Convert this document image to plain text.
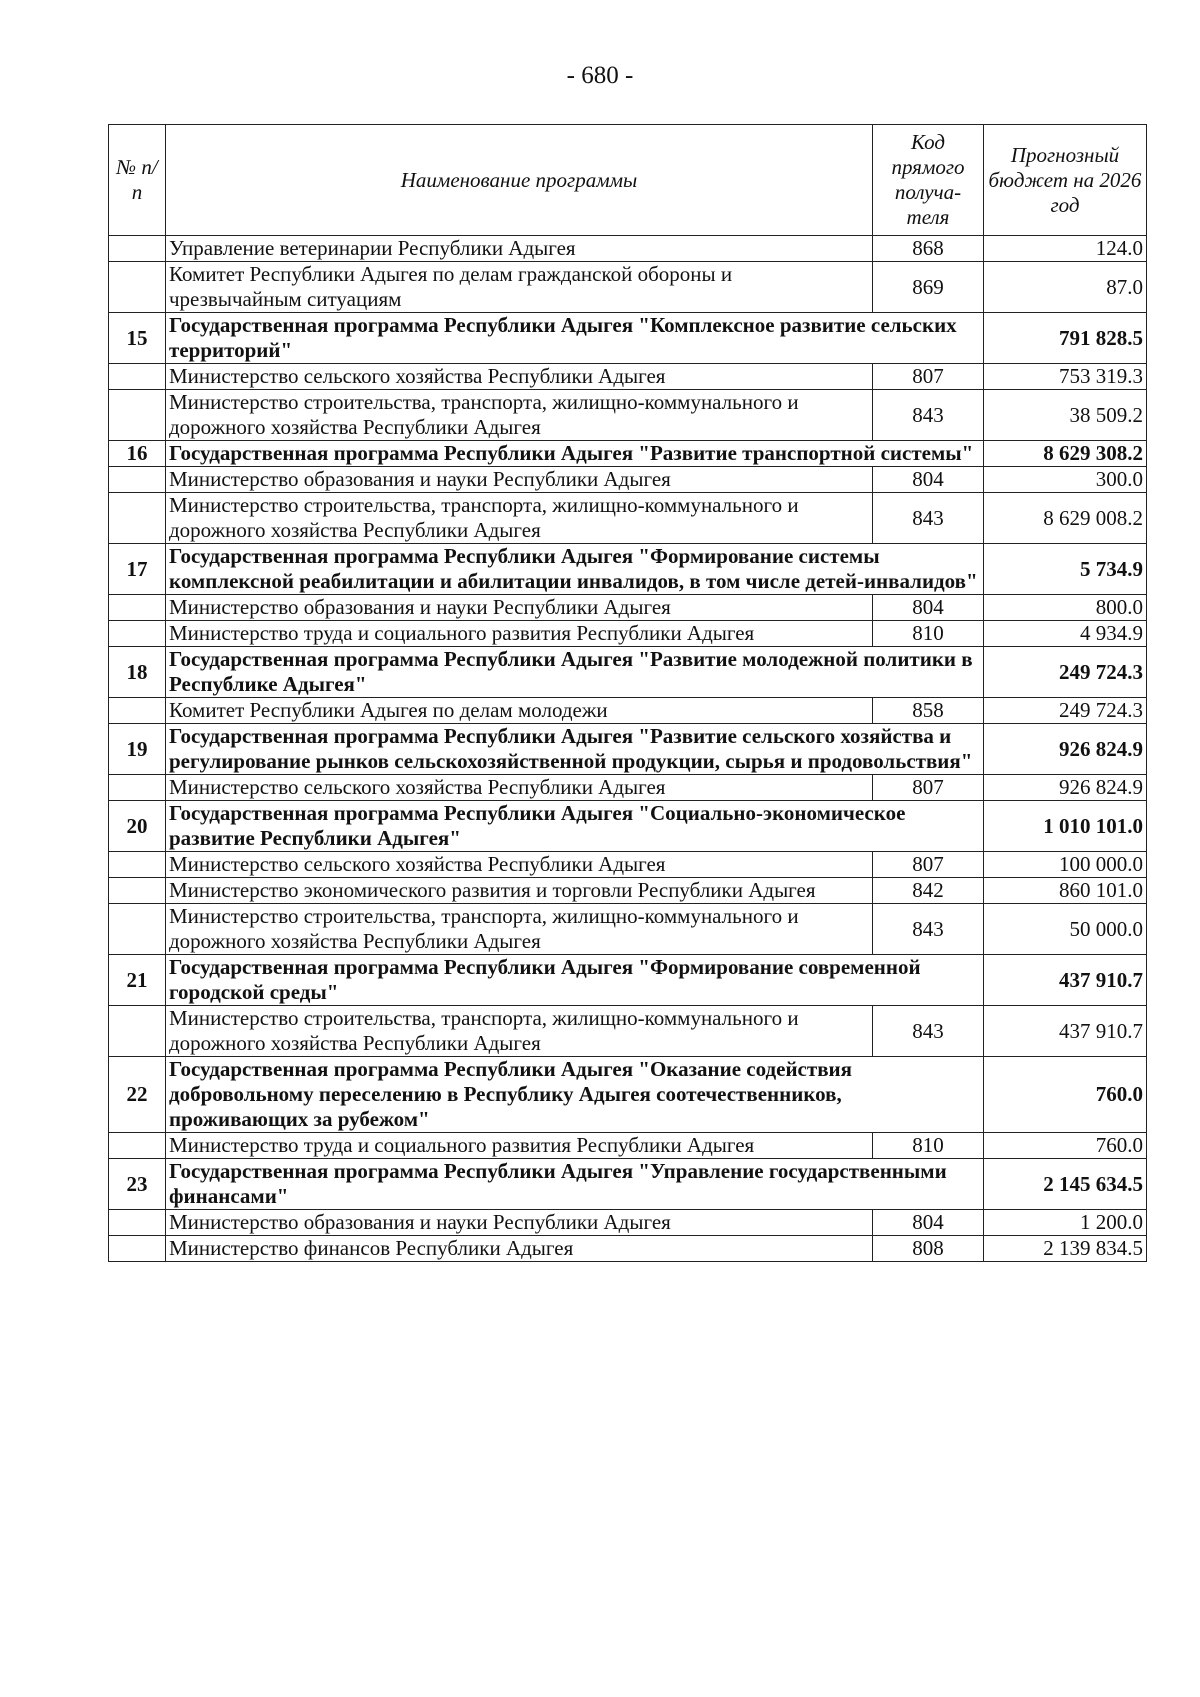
- 680 -
№ п/п	Наименование программы	Код прямого получа-теля	Прогнозный бюджет на 2026 год
	Управление ветеринарии Республики Адыгея	868	124.0
	Комитет Республики Адыгея по делам гражданской обороны и чрезвычайным ситуациям	869	87.0
15	Государственная программа Республики Адыгея "Комплексное развитие сельских территорий"		791 828.5
	Министерство сельского хозяйства Республики Адыгея	807	753 319.3
	Министерство строительства, транспорта, жилищно-коммунального и дорожного хозяйства Республики Адыгея	843	38 509.2
16	Государственная программа Республики Адыгея "Развитие транспортной системы"		8 629 308.2
	Министерство образования и науки Республики Адыгея	804	300.0
	Министерство строительства, транспорта, жилищно-коммунального и дорожного хозяйства Республики Адыгея	843	8 629 008.2
17	Государственная программа Республики Адыгея "Формирование системы комплексной реабилитации и абилитации инвалидов, в том числе детей-инвалидов"		5 734.9
	Министерство образования и науки Республики Адыгея	804	800.0
	Министерство труда и социального развития Республики Адыгея	810	4 934.9
18	Государственная программа Республики Адыгея "Развитие молодежной политики в Республике Адыгея"		249 724.3
	Комитет Республики Адыгея по делам молодежи	858	249 724.3
19	Государственная программа Республики Адыгея "Развитие сельского хозяйства и регулирование рынков сельскохозяйственной продукции, сырья и продовольствия"		926 824.9
	Министерство сельского хозяйства Республики Адыгея	807	926 824.9
20	Государственная программа Республики Адыгея "Социально-экономическое развитие Республики Адыгея"		1 010 101.0
	Министерство сельского хозяйства Республики Адыгея	807	100 000.0
	Министерство экономического развития и торговли Республики Адыгея	842	860 101.0
	Министерство строительства, транспорта, жилищно-коммунального и дорожного хозяйства Республики Адыгея	843	50 000.0
21	Государственная программа Республики Адыгея "Формирование современной городской среды"		437 910.7
	Министерство строительства, транспорта, жилищно-коммунального и дорожного хозяйства Республики Адыгея	843	437 910.7
22	Государственная программа Республики Адыгея "Оказание содействия добровольному переселению в Республику Адыгея соотечественников, проживающих за рубежом"		760.0
	Министерство труда и социального развития Республики Адыгея	810	760.0
23	Государственная программа Республики Адыгея "Управление государственными финансами"		2 145 634.5
	Министерство образования и науки Республики Адыгея	804	1 200.0
	Министерство финансов Республики Адыгея	808	2 139 834.5
